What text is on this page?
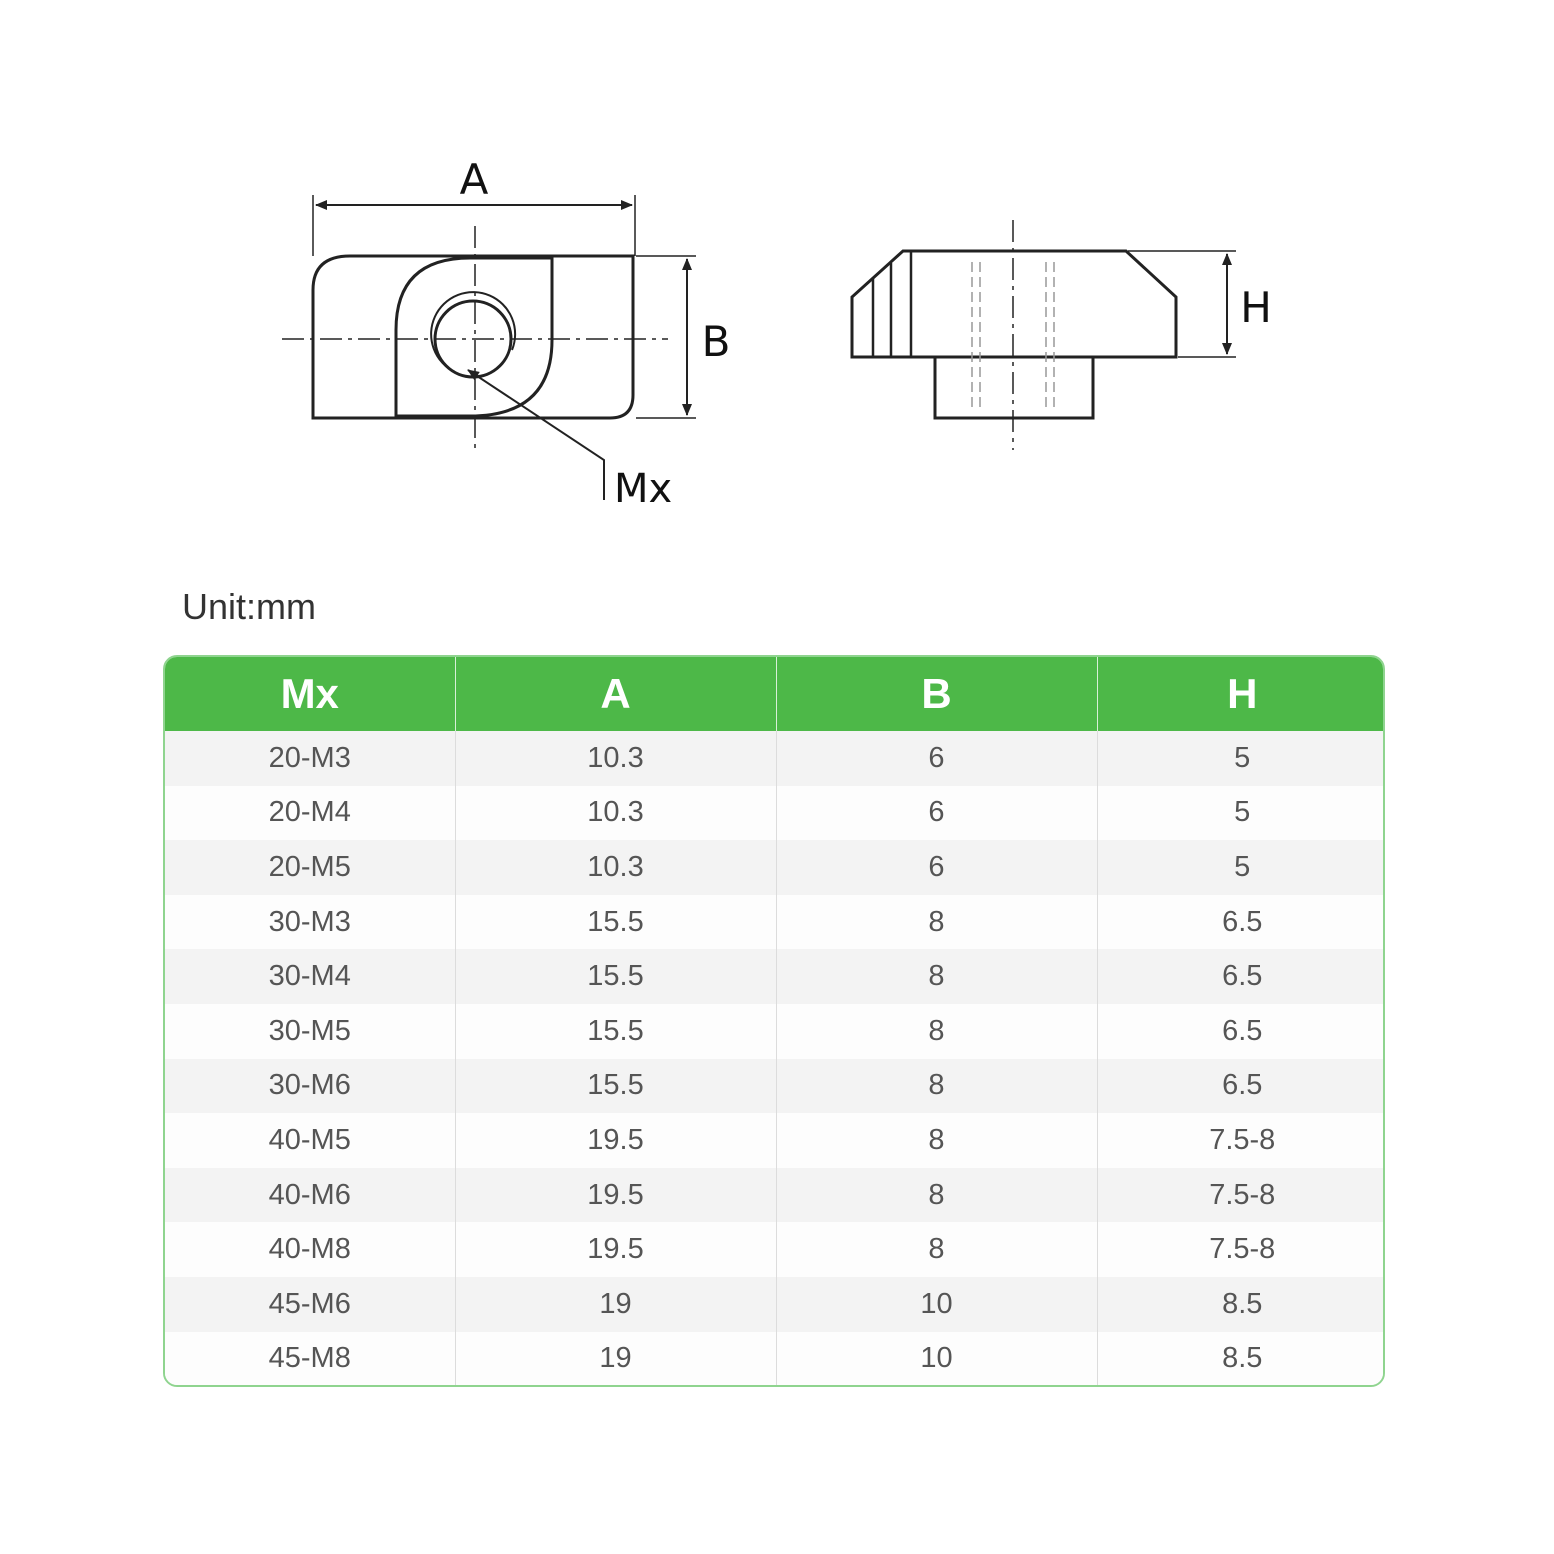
A
B
Mx
H
Unit:mm
Mx	A	B	H
20-M3	10.3	6	5
20-M4	10.3	6	5
20-M5	10.3	6	5
30-M3	15.5	8	6.5
30-M4	15.5	8	6.5
30-M5	15.5	8	6.5
30-M6	15.5	8	6.5
40-M5	19.5	8	7.5-8
40-M6	19.5	8	7.5-8
40-M8	19.5	8	7.5-8
45-M6	19	10	8.5
45-M8	19	10	8.5
